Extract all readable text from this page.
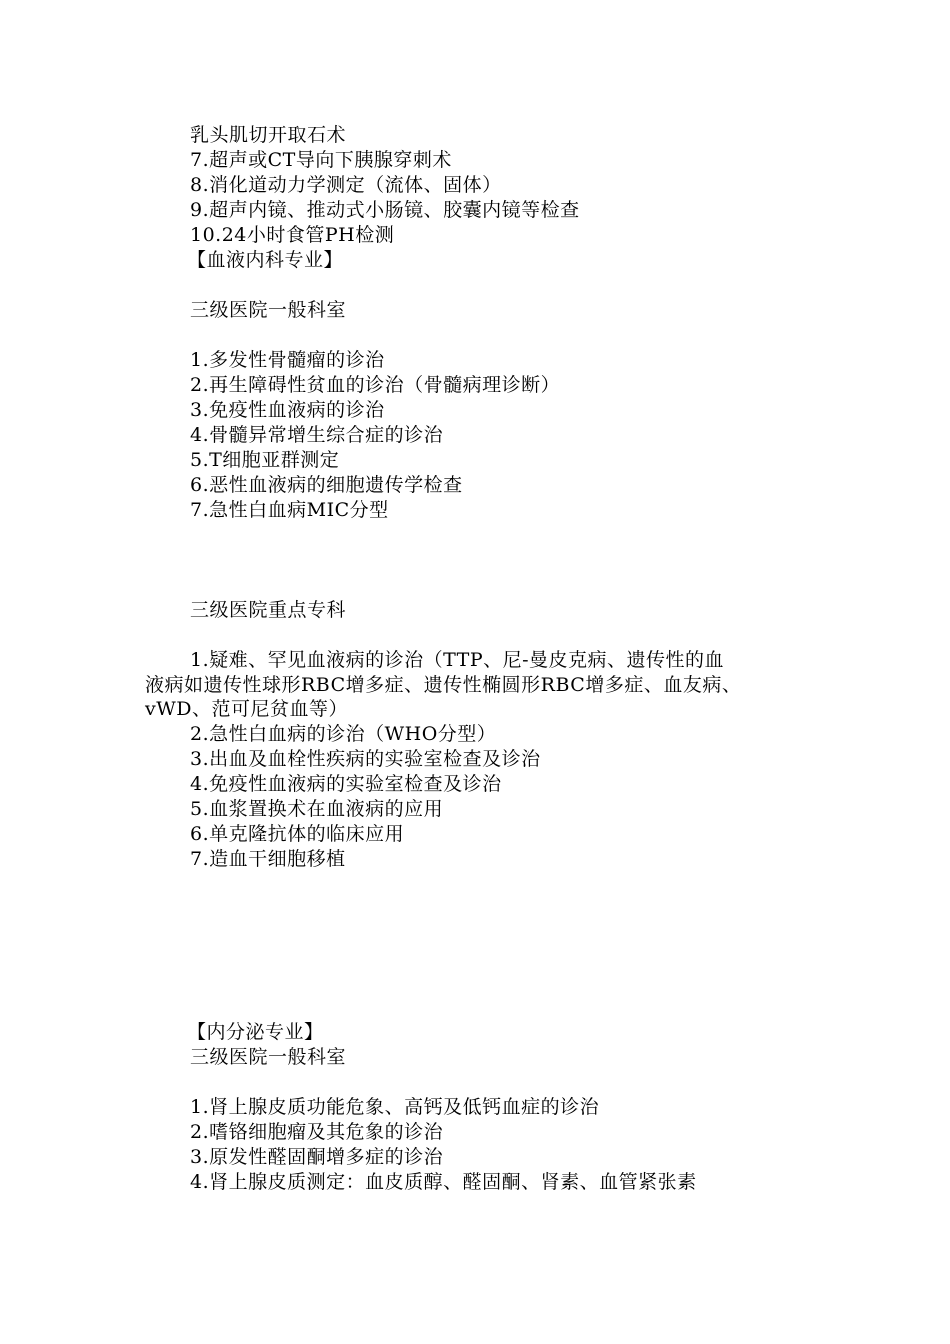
乳头肌切开取石术
7.超声或CT导向下胰腺穿刺术
8.消化道动力学测定（流体、固体）
9.超声内镜、推动式小肠镜、胶囊内镜等检查
10.24小时食管PH检测
【血液内科专业】
三级医院一般科室
1.多发性骨髓瘤的诊治
2.再生障碍性贫血的诊治（骨髓病理诊断）
3.免疫性血液病的诊治
4.骨髓异常增生综合症的诊治
5.T细胞亚群测定
6.恶性血液病的细胞遗传学检查
7.急性白血病MIC分型
三级医院重点专科
1.疑难、罕见血液病的诊治（TTP、尼-曼皮克病、遗传性的血
液病如遗传性球形RBC增多症、遗传性椭圆形RBC增多症、血友病、
vWD、范可尼贫血等）
2.急性白血病的诊治（WHO分型）
3.出血及血栓性疾病的实验室检查及诊治
4.免疫性血液病的实验室检查及诊治
5.血浆置换术在血液病的应用
6.单克隆抗体的临床应用
7.造血干细胞移植
【内分泌专业】
三级医院一般科室
1.肾上腺皮质功能危象、高钙及低钙血症的诊治
2.嗜铬细胞瘤及其危象的诊治
3.原发性醛固酮增多症的诊治
4.肾上腺皮质测定：血皮质醇、醛固酮、肾素、血管紧张素
